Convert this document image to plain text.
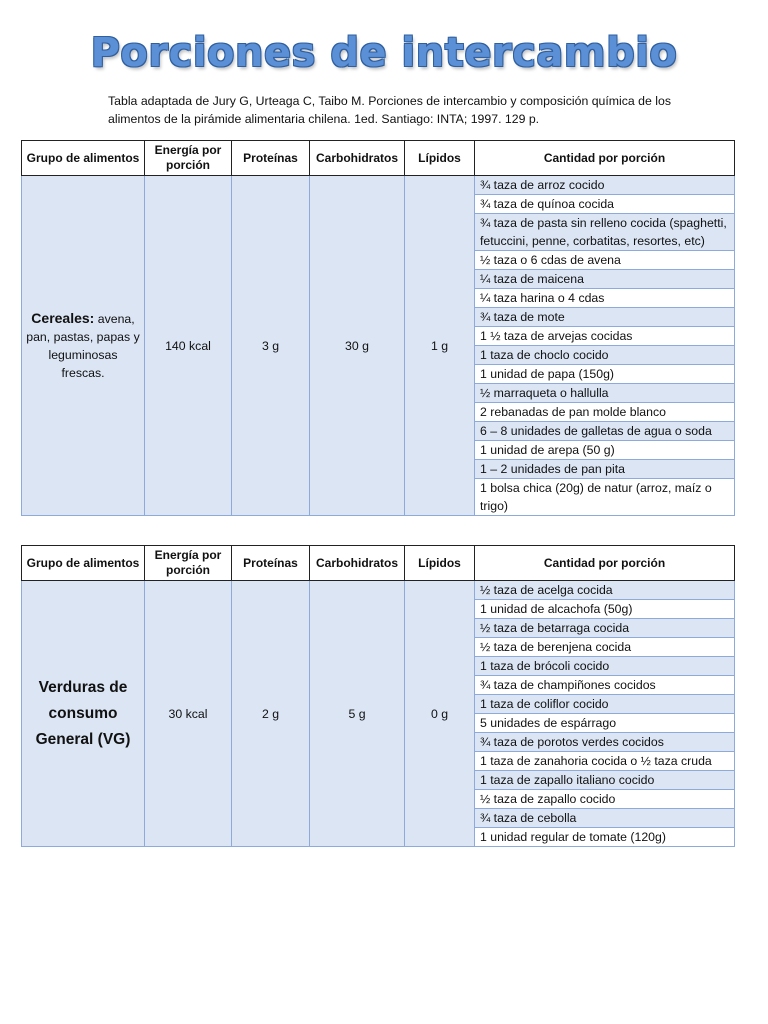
Porciones de intercambio
Tabla adaptada de Jury G, Urteaga C, Taibo M. Porciones de intercambio y composición química de los alimentos de la pirámide alimentaria chilena. 1ed. Santiago: INTA; 1997. 129 p.
Grupo de alimentos	Energía por porción	Proteínas	Carbohidratos	Lípidos	Cantidad por porción
Cereales: avena, pan, pastas, papas y leguminosas frescas.	140 kcal	3 g	30 g	1 g	¾ taza de arroz cocido
					¾ taza de quínoa cocida
					¾ taza de pasta sin relleno cocida (spaghetti, fetuccini, penne, corbatitas, resortes, etc)
					½ taza o 6 cdas de avena
					¼ taza de maicena
					¼ taza harina o 4 cdas
					¾ taza de mote
					1 ½ taza de arvejas cocidas
					1 taza de choclo cocido
					1 unidad de papa (150g)
					½ marraqueta o hallulla
					2 rebanadas de pan molde blanco
					6 – 8 unidades de galletas de agua o soda
					1 unidad de arepa (50 g)
					1 – 2 unidades de pan pita
					1 bolsa chica (20g) de natur (arroz, maíz o trigo)
Grupo de alimentos	Energía por porción	Proteínas	Carbohidratos	Lípidos	Cantidad por porción
Verduras de consumo General (VG)	30 kcal	2 g	5 g	0 g	½ taza de acelga cocida
					1 unidad de alcachofa (50g)
					½ taza de betarraga cocida
					½ taza de berenjena cocida
					1 taza de brócoli cocido
					¾ taza de champiñones cocidos
					1 taza de coliflor cocido
					5 unidades de espárrago
					¾ taza de porotos verdes cocidos
					1 taza de zanahoria cocida o ½ taza cruda
					1 taza de zapallo italiano cocido
					½ taza de zapallo cocido
					¾ taza de cebolla
					1 unidad regular de tomate (120g)
